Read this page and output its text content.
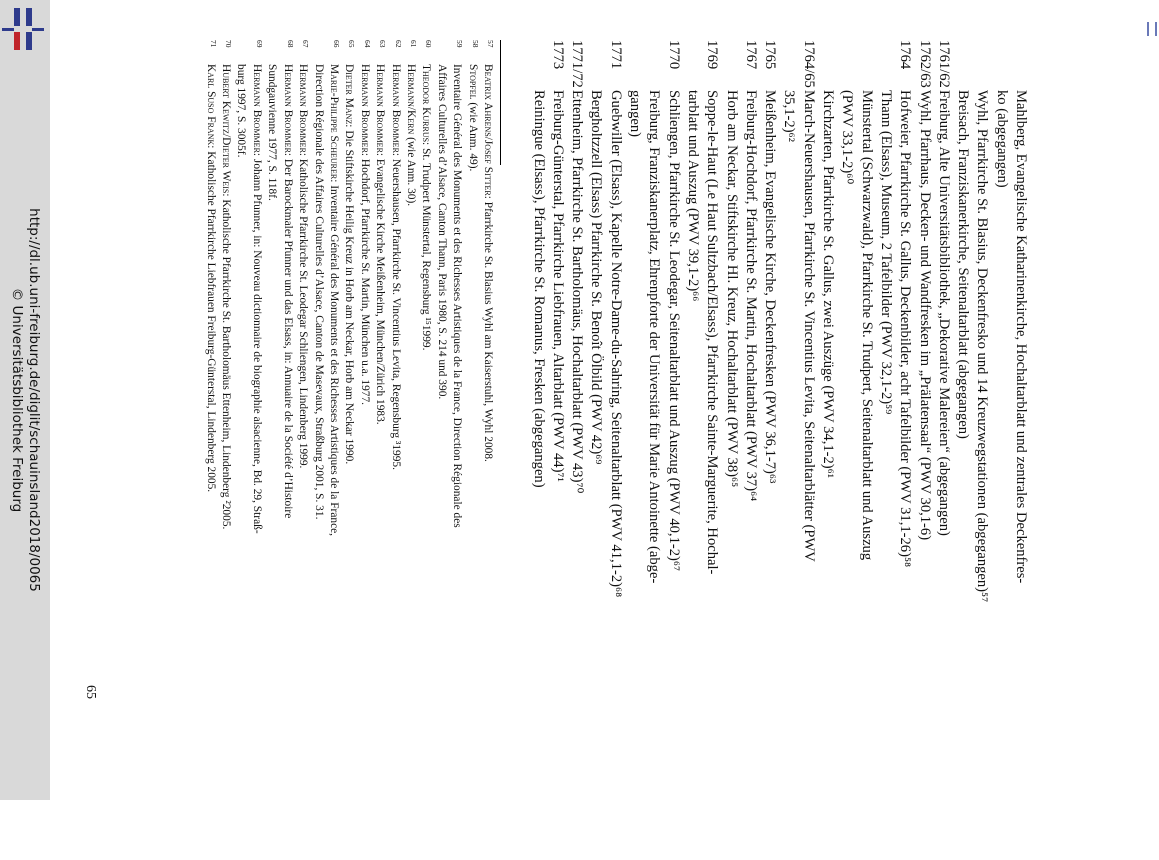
http://dl.ub.uni-freiburg.de/diglit/schauinsland2018/0065
© Universitätsbibliothek Freiburg
65
Mahlberg, Evangelische Katharinenkirche, Hochaltarblatt und zentrales Deckenfres-
ko (abgegangen)
Wyhl, Pfarrkirche St. Blasius, Deckenfresko und 14 Kreuzwegstationen (abgegangen)⁵⁷
Breisach, Franziskanerkirche, Seitenaltarblatt (abgegangen)
1761/62
Freiburg, Alte Universitätsbibliothek, „Dekorative Malereien“ (abgegangen)
1762/63
Wyhl, Pfarrhaus, Decken- und Wandfresken im „Prälatensaal“ (PWV 30,1-6)
1764
Hofweier, Pfarrkirche St. Gallus, Deckenbilder, acht Tafelbilder (PWV 31,1-26)⁵⁸
Thann (Elsass), Museum, 2 Tafelbilder (PWV 32,1-2)⁵⁹
Münstertal (Schwarzwald), Pfarrkirche St. Trudpert, Seitenaltarblatt und Auszug
(PWV 33,1-2)⁶⁰
Kirchzarten, Pfarrkirche St. Gallus, zwei Auszüge (PWV 34,1-2)⁶¹
1764/65
March-Neuershausen, Pfarrkirche St. Vincentius Levita, Seitenaltarblätter (PWV
35,1-2)⁶²
1765
Meißenheim, Evangelische Kirche, Deckenfresken (PWV 36,1-7)⁶³
1767
Freiburg-Hochdorf, Pfarrkirche St. Martin, Hochaltarblatt (PWV 37)⁶⁴
Horb am Neckar, Stiftskirche Hl. Kreuz, Hochaltarblatt (PWV 38)⁶⁵
1769
Soppe-le-Haut (Le Haut Sultzbach/Elsass), Pfarrkirche Sainte-Marguerite, Hochal-
tarblatt und Auszug (PWV 39,1-2)⁶⁶
1770
Schliengen, Pfarrkirche St. Leodegar, Seitenaltarblatt und Auszug (PWV 40,1-2)⁶⁷
Freiburg, Franziskanerplatz, Ehrenpforte der Universität für Marie Antoinette (abge-
gangen)
1771
Guebwiller (Elsass), Kapelle Notre-Dame-du-Sahring, Seitenaltarblatt (PWV 41,1-2)⁶⁸
Bergholtzzell (Elsass) Pfarrkirche St. Benoît Ölbild (PWV 42)⁶⁹
1771/72
Ettenheim, Pfarrkirche St. Bartholomäus, Hochaltarblatt (PWV 43)⁷⁰
1773
Freiburg-Günterstal, Pfarrkirche Liebfrauen, Altarblatt (PWV 44)⁷¹
Reiningue (Elsass), Pfarrkirche St. Romanus, Fresken (abgegangen)
57
Beatrix Ahrens/Josef Sitter: Pfarrkirche St. Blasius Wyhl am Kaiserstuhl, Wyhl 2008.
58
Stopfel (wie Anm. 49).
59
Inventaire Général des Monuments et des Richesses Artistiques de la France, Direction Régionale des
Affaires Culturelles d’Alsace, Canton Thann, Paris 1980, S. 214 und 390.
60
Theodor Kurrus: St. Trudpert Münstertal, Regensburg ¹⁵1999.
61
Hermann/Kern (wie Anm. 30).
62
Hermann Brommer: Neuershausen, Pfarrkirche St. Vincentius Levita, Regensburg ³1995.
63
Hermann Brommer: Evangelische Kirche Meißenheim, München/Zürich 1983.
64
Hermann Brommer: Hochdorf, Pfarrkirche St. Martin, München u.a. 1977.
65
Dieter Manz: Die Stiftskirche Heilig Kreuz in Horb am Neckar, Horb am Neckar 1990.
66
Marie-Philippe Scheurer: Inventaire Général des Monuments et des Richesses Artistiques de la France,
Direction Régionale des Affaires Culturelles d’Alsace, Canton de Masevaux, Straßburg 2001, S. 31.
67
Hermann Brommer: Katholische Pfarrkirche St. Leodegar Schliengen, Lindenberg 1999.
68
Hermann Brommer: Der Barockmaler Pfunner und das Elsass, in: Annuaire de la Société d’Histoire
Sundgauvienne 1977, S. 118f.
69
Hermann Brommer: Johann Pfunner, in: Nouveau dictionnaire de biographie alsacienne, Bd. 29, Straß-
burg 1997, S. 3005f.
70
Hubert Kewitz/Dieter Weis: Katholische Pfarrkirche St. Bartholomäus Ettenheim, Lindenberg ²2005.
71
Karl Suso Frank: Katholische Pfarrkirche Liebfrauen Freiburg-Günterstal, Lindenberg 2005.
